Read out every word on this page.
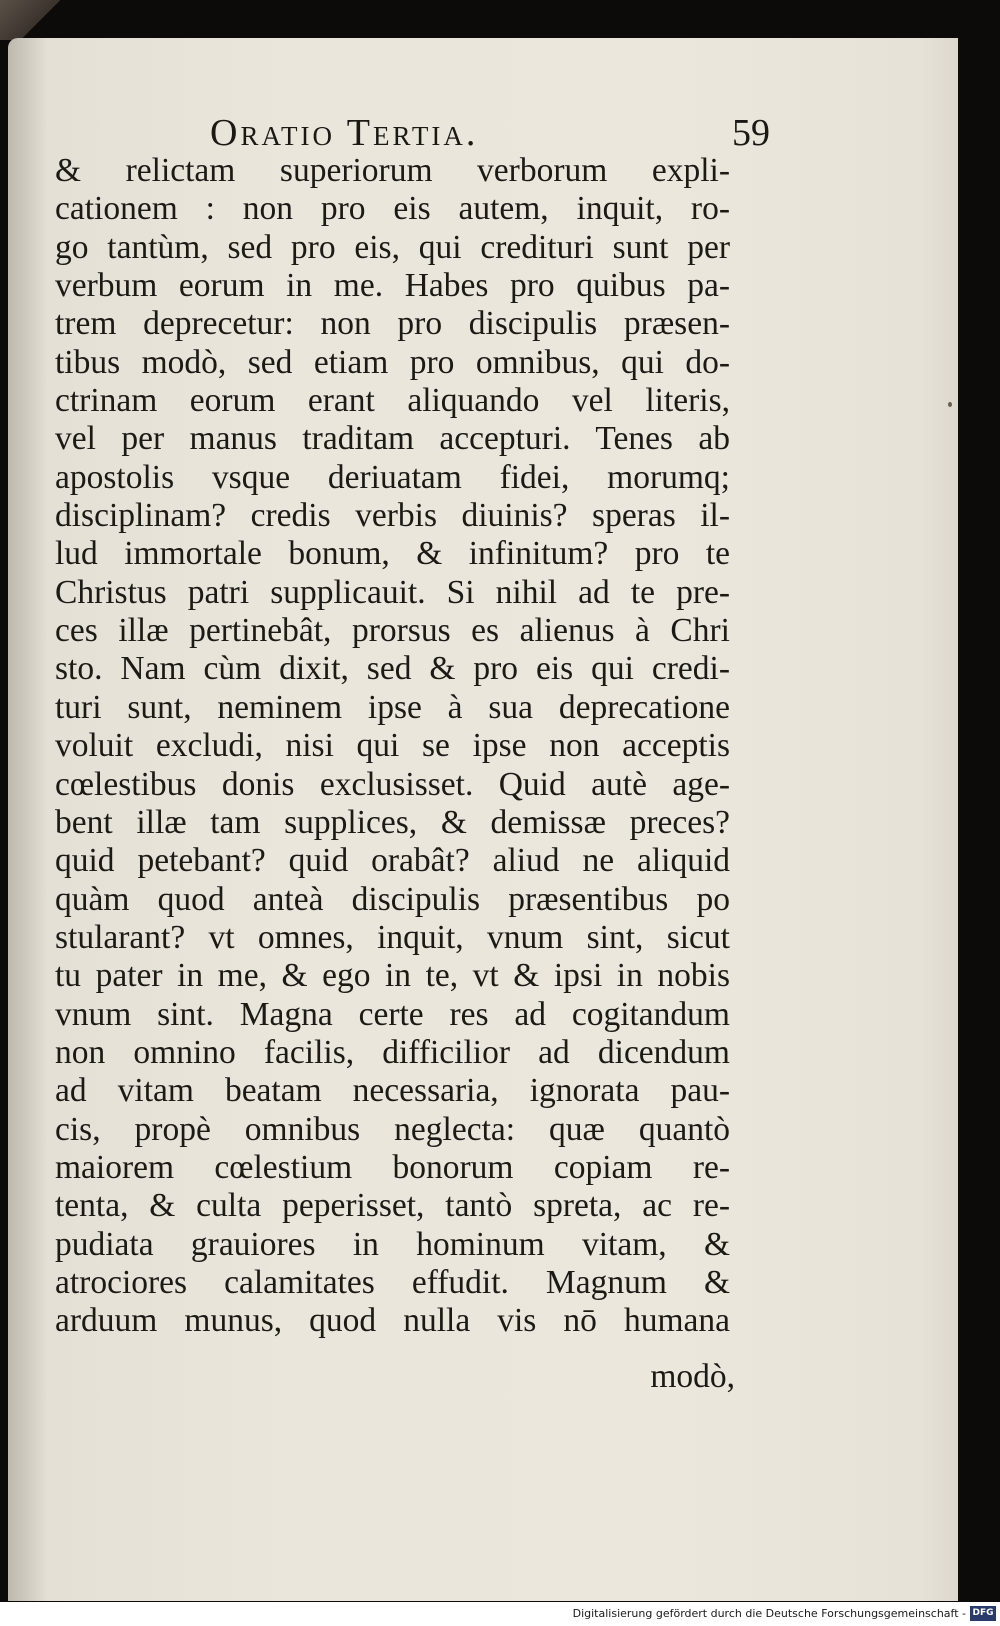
Oratio Tertia.	59
& relictam superiorum verborum expli-
cationem : non pro eis autem, inquit, ro-
go tantùm, sed pro eis, qui credituri sunt per
verbum eorum in me. Habes pro quibus pa-
trem deprecetur: non pro discipulis præsen-
tibus modò, sed etiam pro omnibus, qui do-
ctrinam eorum erant aliquando vel literis,
vel per manus traditam accepturi. Tenes ab
apostolis vsque deriuatam fidei, morumq;
disciplinam? credis verbis diuinis? speras il-
lud immortale bonum, & infinitum? pro te
Christus patri supplicauit. Si nihil ad te pre-
ces illæ pertinebât, prorsus es alienus à Chri
sto. Nam cùm dixit, sed & pro eis qui credi-
turi sunt, neminem ipse à sua deprecatione
voluit excludi, nisi qui se ipse non acceptis
cœlestibus donis exclusisset. Quid autè age-
bent illæ tam supplices, & demissæ preces?
quid petebant? quid orabât? aliud ne aliquid
quàm quod anteà discipulis præsentibus po
stularant? vt omnes, inquit, vnum sint, sicut
tu pater in me, & ego in te, vt & ipsi in nobis
vnum sint. Magna certe res ad cogitandum
non omnino facilis, difficilior ad dicendum
ad vitam beatam necessaria, ignorata pau-
cis, propè omnibus neglecta: quæ quantò
maiorem cœlestium bonorum copiam re-
tenta, & culta peperisset, tantò spreta, ac re-
pudiata grauiores in hominum vitam, &
atrociores calamitates effudit. Magnum &
arduum munus, quod nulla vis nō humana
modò,
Digitalisierung gefördert durch die Deutsche Forschungsgemeinschaft - DFG
